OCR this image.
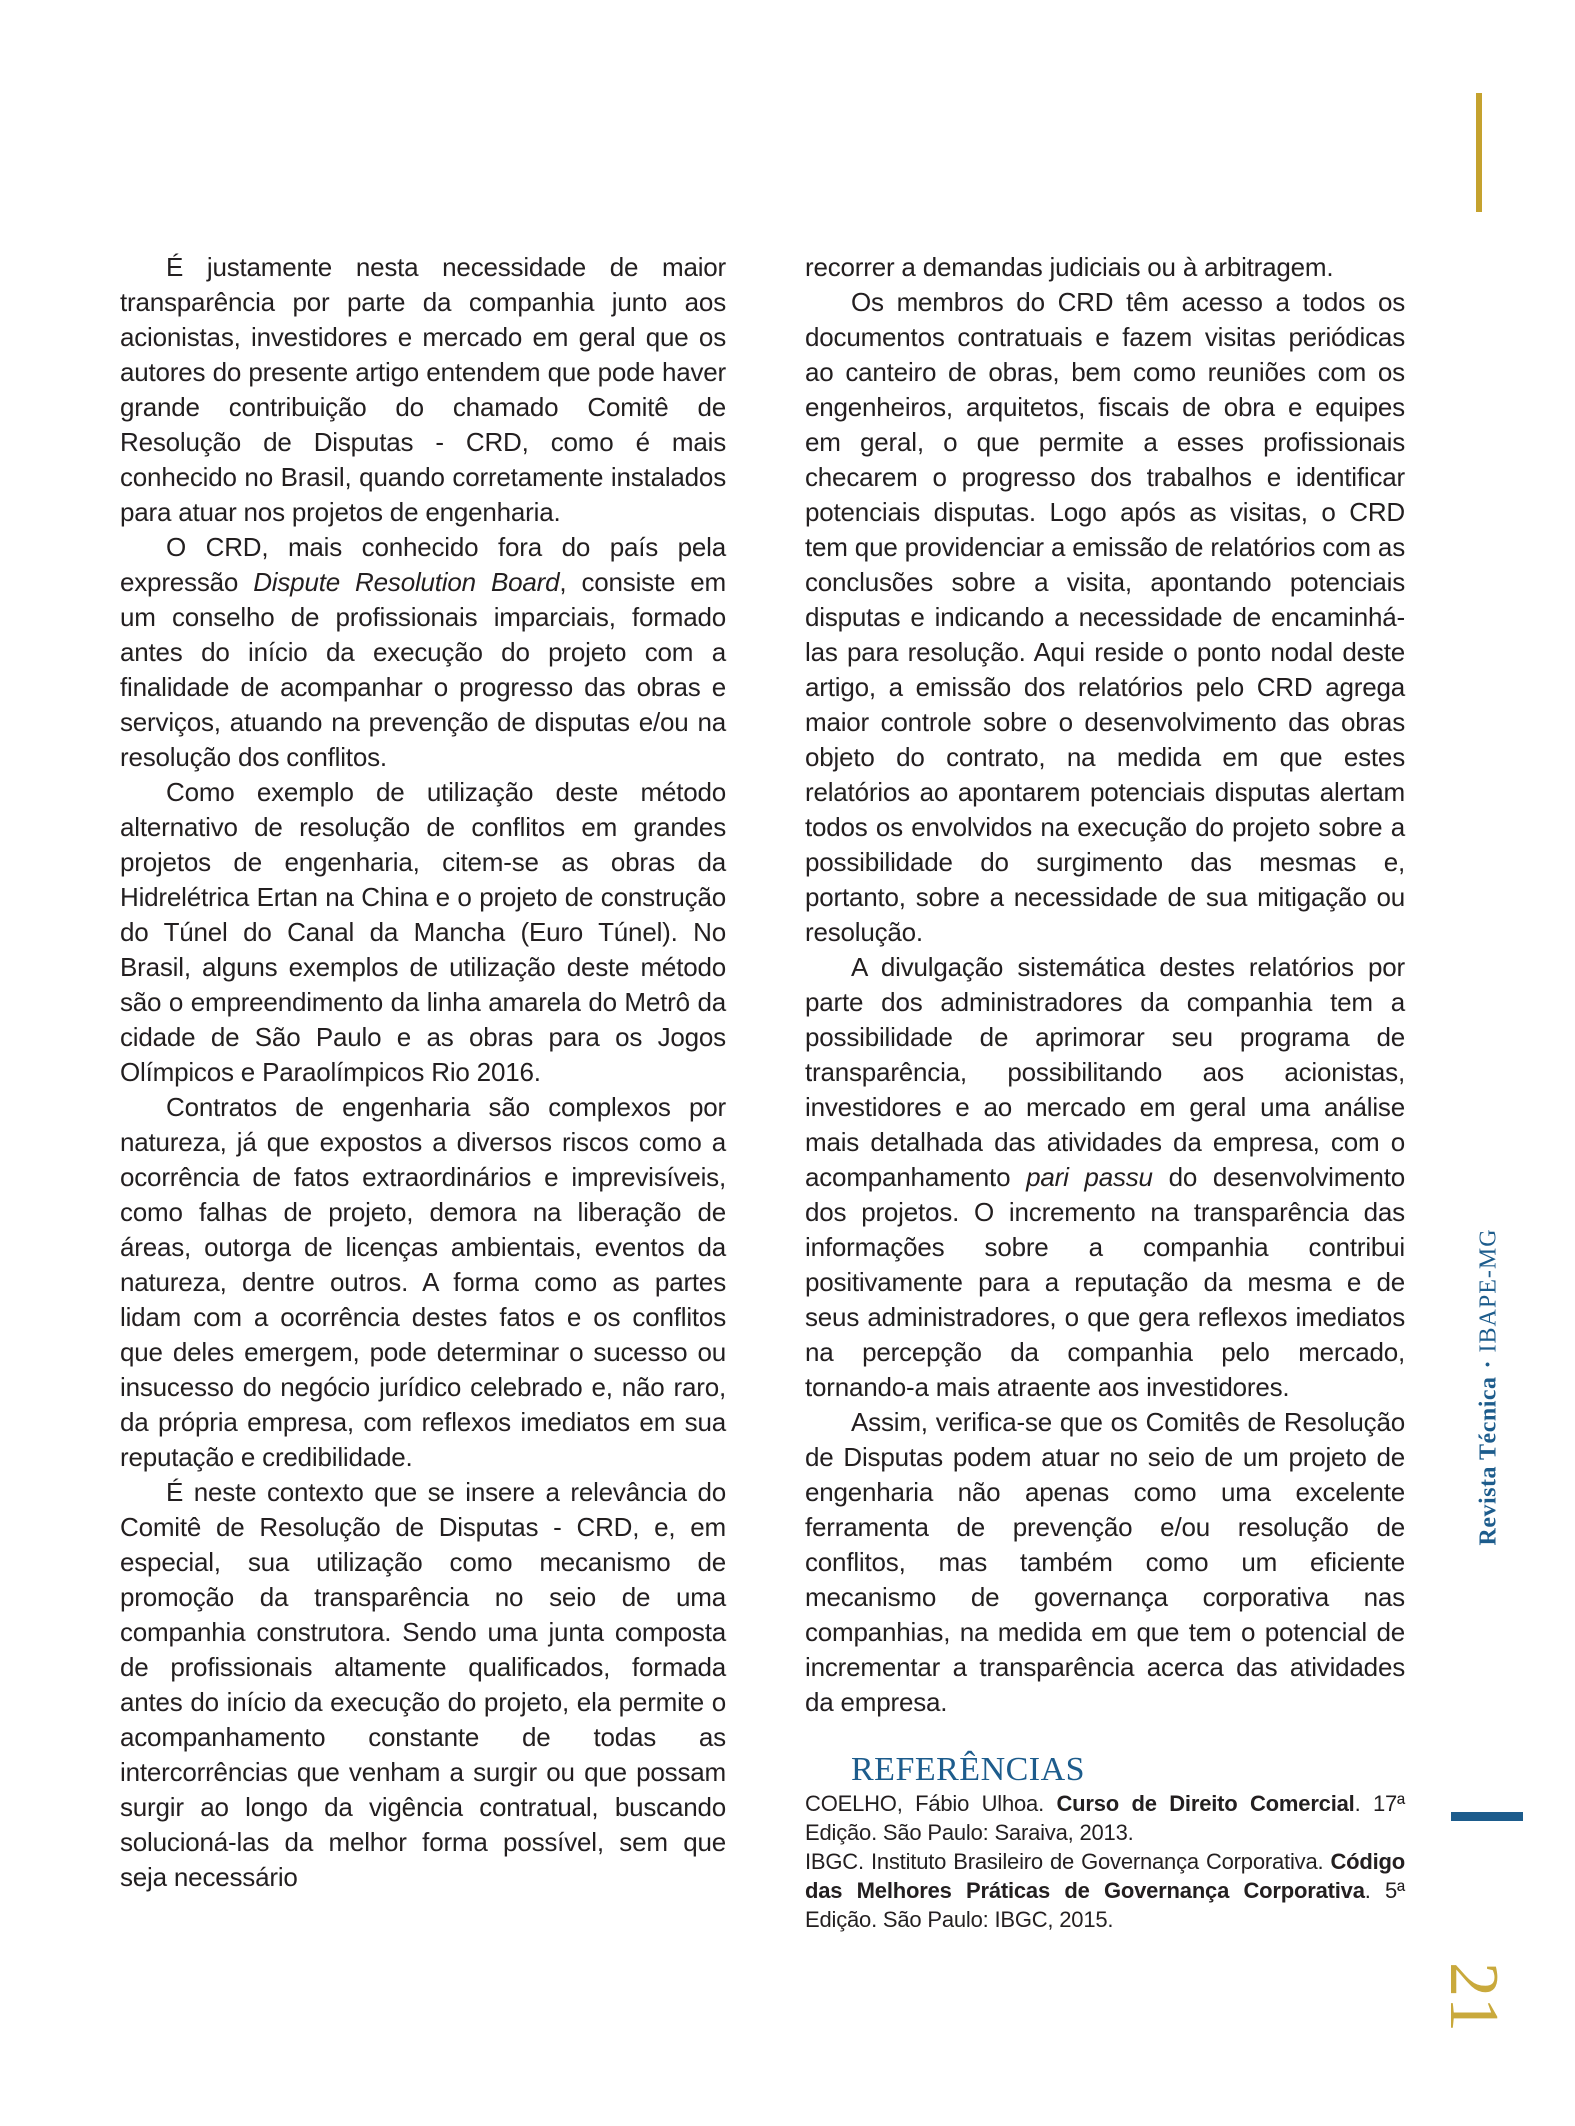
É justamente nesta necessidade de maior transparência por parte da companhia junto aos acionistas, investidores e mercado em geral que os autores do presente artigo entendem que pode haver grande contribuição do chamado Comitê de Resolução de Disputas - CRD, como é mais conhecido no Brasil, quando corretamente instalados para atuar nos projetos de engenharia.

O CRD, mais conhecido fora do país pela expressão Dispute Resolution Board, consiste em um conselho de profissionais imparciais, formado antes do início da execução do projeto com a finalidade de acompanhar o progresso das obras e serviços, atuando na prevenção de disputas e/ou na resolução dos conflitos.

Como exemplo de utilização deste método alternativo de resolução de conflitos em grandes projetos de engenharia, citem-se as obras da Hidrelétrica Ertan na China e o projeto de construção do Túnel do Canal da Mancha (Euro Túnel). No Brasil, alguns exemplos de utilização deste método são o empreendimento da linha amarela do Metrô da cidade de São Paulo e as obras para os Jogos Olímpicos e Paraolímpicos Rio 2016.

Contratos de engenharia são complexos por natureza, já que expostos a diversos riscos como a ocorrência de fatos extraordinários e imprevisíveis, como falhas de projeto, demora na liberação de áreas, outorga de licenças ambientais, eventos da natureza, dentre outros. A forma como as partes lidam com a ocorrência destes fatos e os conflitos que deles emergem, pode determinar o sucesso ou insucesso do negócio jurídico celebrado e, não raro, da própria empresa, com reflexos imediatos em sua reputação e credibilidade.

É neste contexto que se insere a relevância do Comitê de Resolução de Disputas - CRD, e, em especial, sua utilização como mecanismo de promoção da transparência no seio de uma companhia construtora. Sendo uma junta composta de profissionais altamente qualificados, formada antes do início da execução do projeto, ela permite o acompanhamento constante de todas as intercorrências que venham a surgir ou que possam surgir ao longo da vigência contratual, buscando solucioná-las da melhor forma possível, sem que seja necessário

recorrer a demandas judiciais ou à arbitragem.

Os membros do CRD têm acesso a todos os documentos contratuais e fazem visitas periódicas ao canteiro de obras, bem como reuniões com os engenheiros, arquitetos, fiscais de obra e equipes em geral, o que permite a esses profissionais checarem o progresso dos trabalhos e identificar potenciais disputas. Logo após as visitas, o CRD tem que providenciar a emissão de relatórios com as conclusões sobre a visita, apontando potenciais disputas e indicando a necessidade de encaminhá-las para resolução. Aqui reside o ponto nodal deste artigo, a emissão dos relatórios pelo CRD agrega maior controle sobre o desenvolvimento das obras objeto do contrato, na medida em que estes relatórios ao apontarem potenciais disputas alertam todos os envolvidos na execução do projeto sobre a possibilidade do surgimento das mesmas e, portanto, sobre a necessidade de sua mitigação ou resolução.

A divulgação sistemática destes relatórios por parte dos administradores da companhia tem a possibilidade de aprimorar seu programa de transparência, possibilitando aos acionistas, investidores e ao mercado em geral uma análise mais detalhada das atividades da empresa, com o acompanhamento pari passu do desenvolvimento dos projetos. O incremento na transparência das informações sobre a companhia contribui positivamente para a reputação da mesma e de seus administradores, o que gera reflexos imediatos na percepção da companhia pelo mercado, tornando-a mais atraente aos investidores.

Assim, verifica-se que os Comitês de Resolução de Disputas podem atuar no seio de um projeto de engenharia não apenas como uma excelente ferramenta de prevenção e/ou resolução de conflitos, mas também como um eficiente mecanismo de governança corporativa nas companhias, na medida em que tem o potencial de incrementar a transparência acerca das atividades da empresa.

REFERÊNCIAS

COELHO, Fábio Ulhoa. Curso de Direito Comercial. 17ª Edição. São Paulo: Saraiva, 2013.

IBGC. Instituto Brasileiro de Governança Corporativa. Código das Melhores Práticas de Governança Corporativa. 5ª Edição. São Paulo: IBGC, 2015.

Revista Técnica·IBAPE-MG
21
